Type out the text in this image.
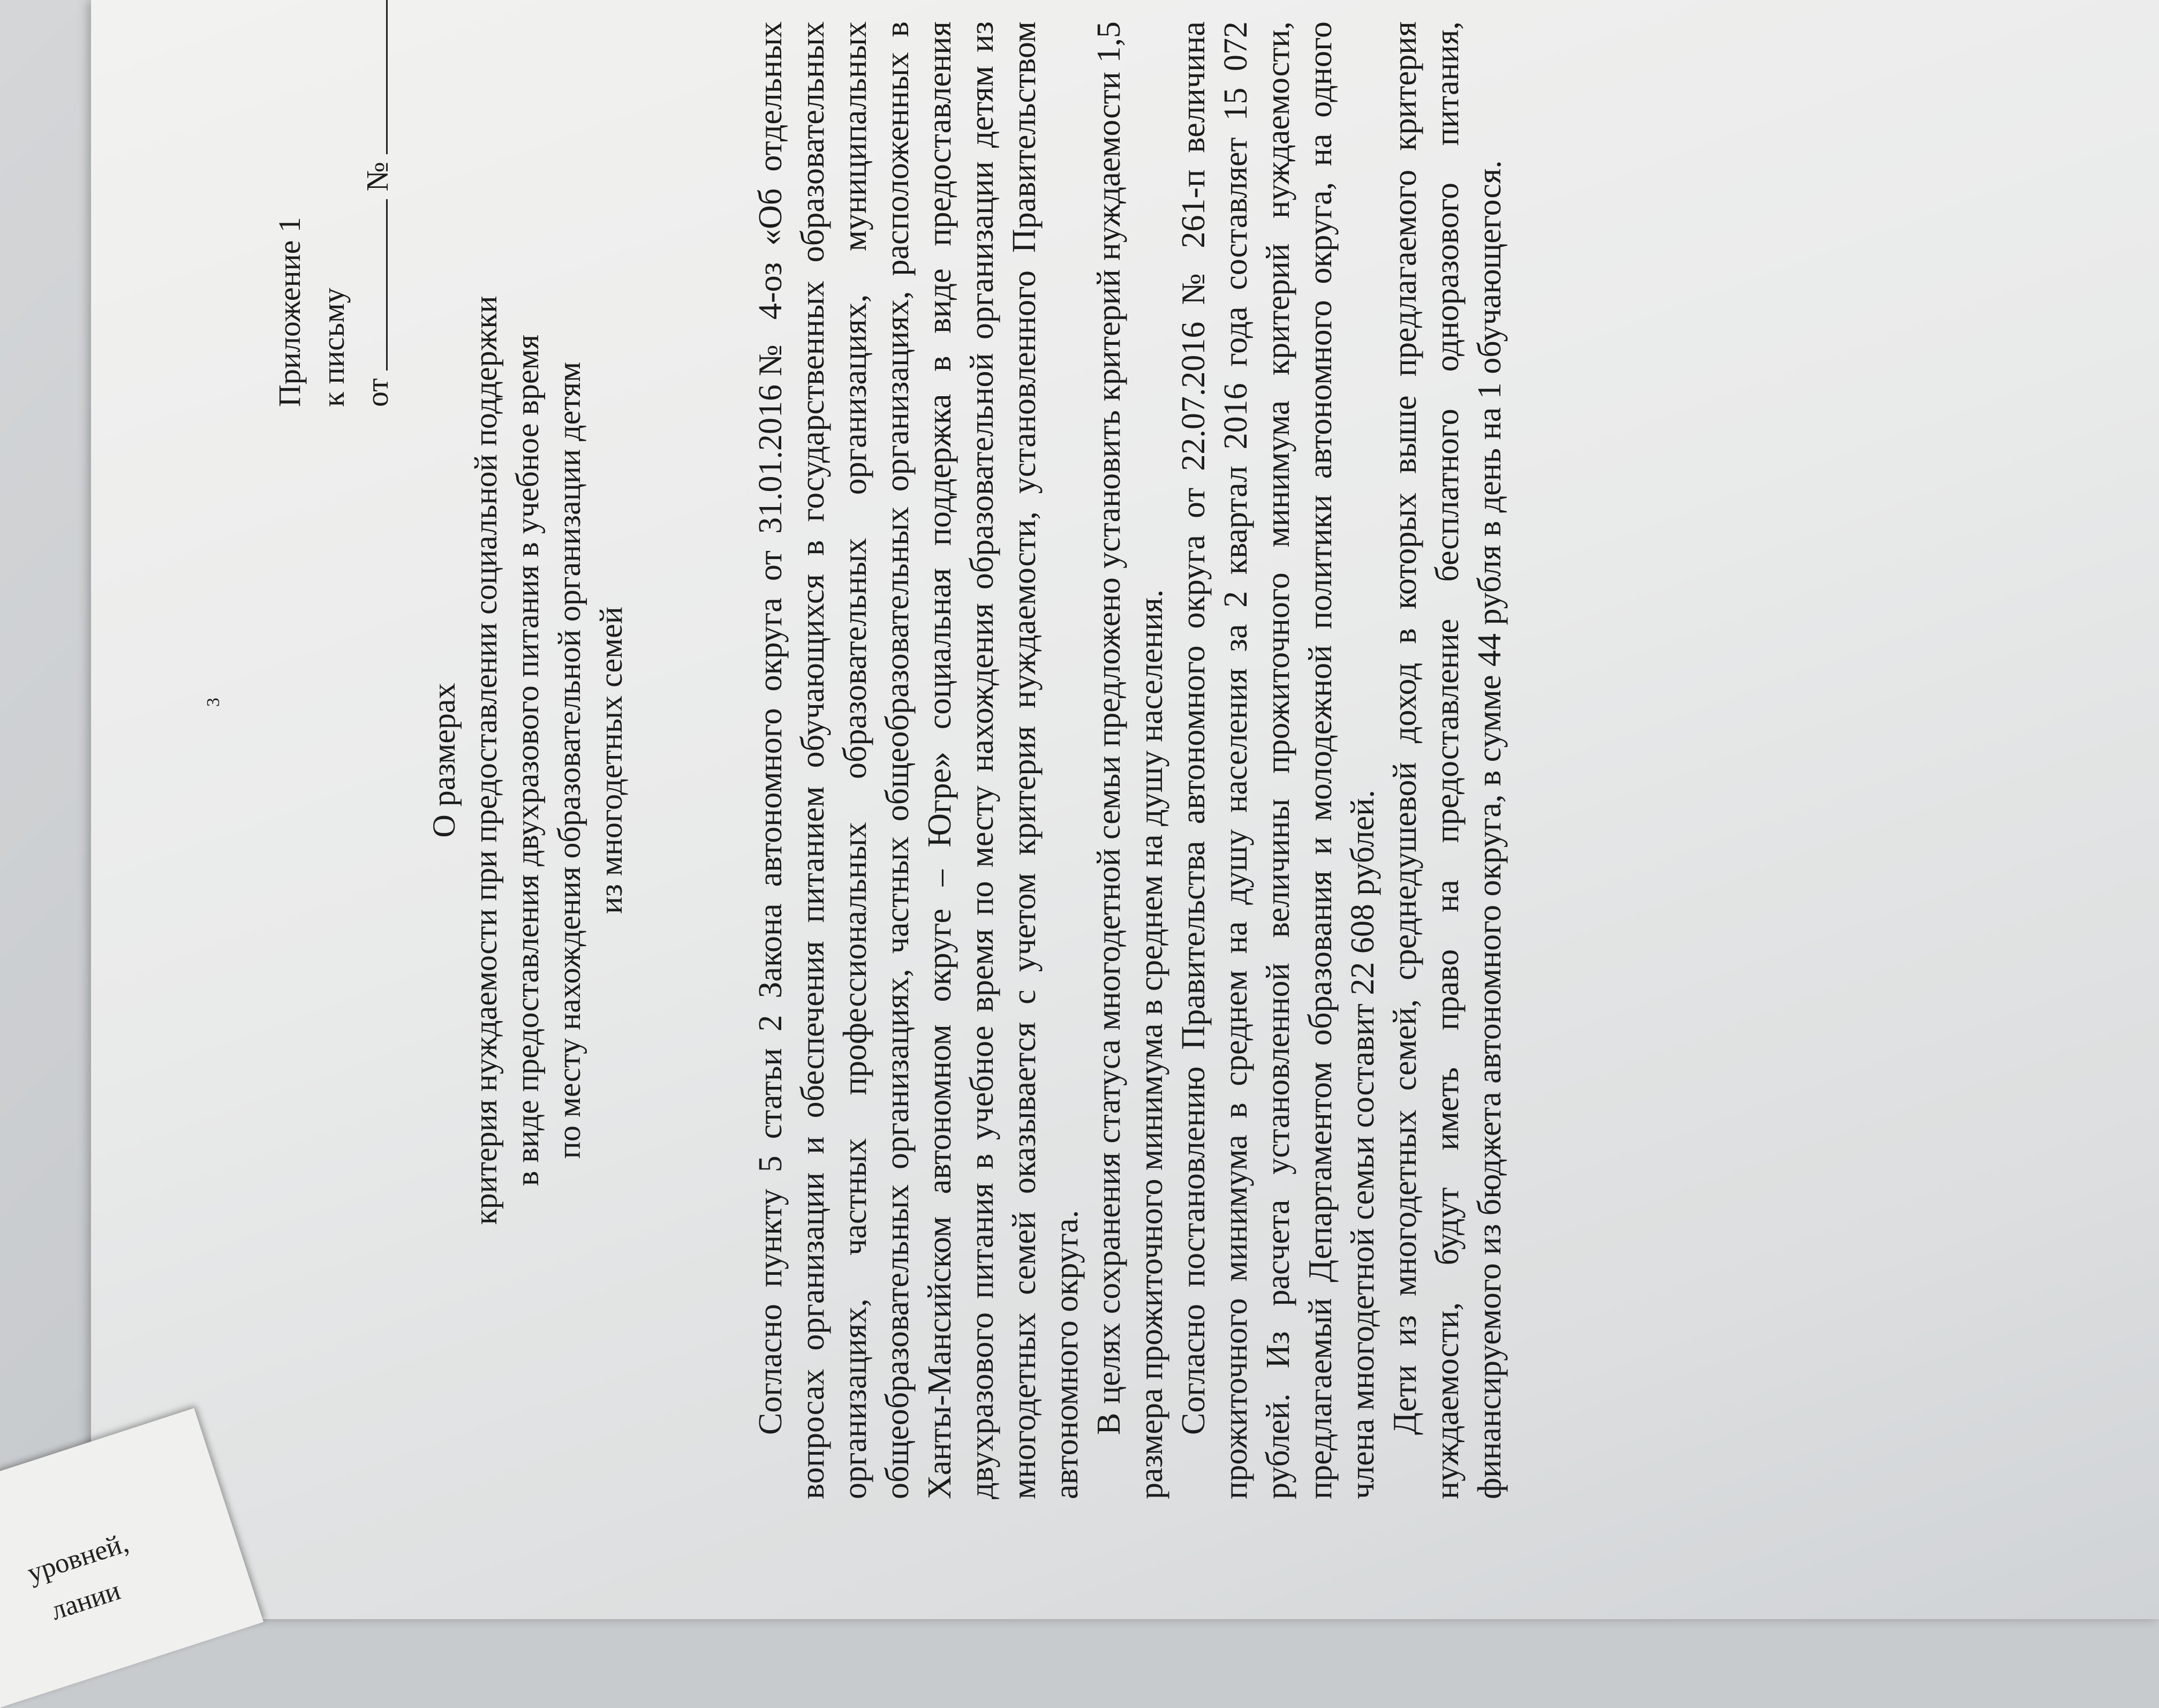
3
Приложение 1 к письму от  №
О размерах критерия нуждаемости при предоставлении социальной поддержки в виде предоставления двухразового питания в учебное время по месту нахождения образовательной организации детям из многодетных семей	Согласно пункту 5 статьи 2 Закона автономного округа от 31.01.2016№ 4-оз «Об отдельных вопросах организации и обеспечения питанием обучающихся в государственных образовательных организациях, частных профессиональных образовательных организациях, муниципальных общеобразовательных организациях, частных общеобразовательных организациях, расположенных в Ханты-Мансийском автономном округе – Югре» социальная поддержка в виде предоставления двухразового питания в учебное время по месту нахождения образовательной организации детям из многодетных семей оказывается с учетом критерия нуждаемости, установленного Правительством автономного округа. В целях сохранения статуса многодетной семьи предложено установить критерий нуждаемости 1,5 размера прожиточного минимума в среднем на душу населения. Согласно постановлению Правительства автономного округа от 22.07.2016 № 261-п величина прожиточного минимума в среднем на душу населения за 2 квартал 2016 года составляет 15 072 рублей. Из расчета установленной величины прожиточного минимума критерий нуждаемости, предлагаемый Департаментом образования и молодежной политики автономного округа, на одного члена многодетной семьи составит 22 608 рублей. Дети из многодетных семей, среднедушевой доход в которых выше предлагаемого критерия нуждаемости, будут иметь право на предоставление бесплатного одноразового питания, финансируемого из бюджета автономного округа, в сумме 44 рубля в день на 1 обучающегося.

уровней,
лании
